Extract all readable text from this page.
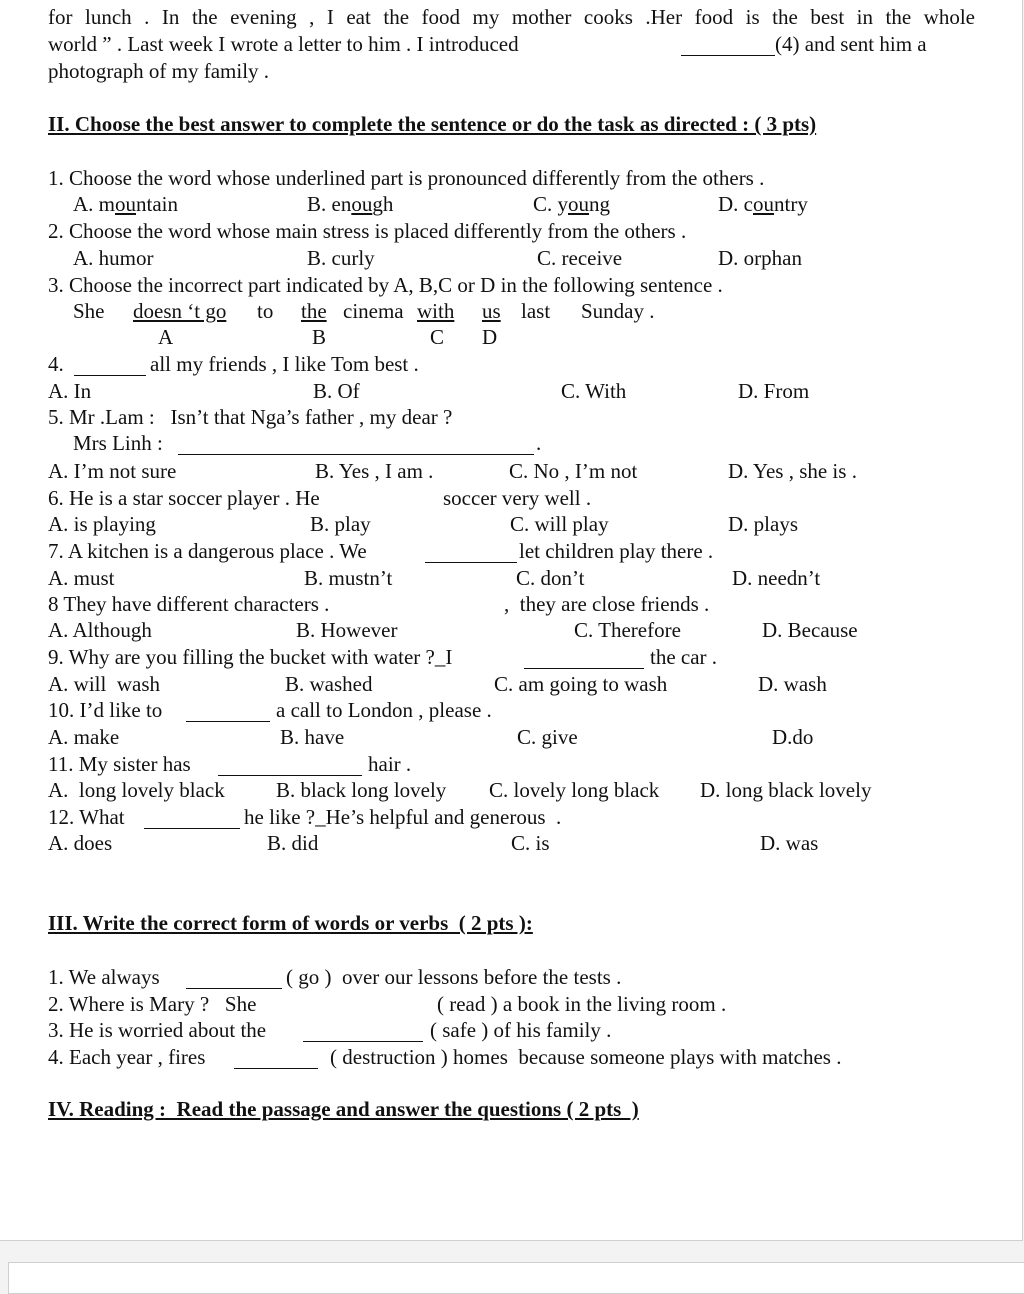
for lunch . In the evening , I eat the food my mother cooks .Her food is the best in the whole
world ” . Last week I wrote a letter to him . I introduced	(4) and sent him a
photograph of my family .
II. Choose the best answer to complete the sentence or do the task as directed : ( 3 pts)
1. Choose the word whose underlined part is pronounced differently from the others .
A. mountain	B. enough	C. young	D. country
2. Choose the word whose main stress is placed differently from the others .
A. humor	B. curly	C. receive	D. orphan
3. Choose the incorrect part indicated by A, B,C or D in the following sentence .
She doesn ‘t go to the cinema with us last Sunday .
A	B	C D
4.	all my friends , I like Tom best .
A. In	B. Of	C. With	D. From
5. Mr .Lam :   Isn’t that Nga’s father , my dear ?
Mrs Linh :	.
A. I’m not sure	B. Yes , I am .	C. No , I’m not	D. Yes , she is .
6. He is a star soccer player . He	soccer very well .
A. is playing	B. play	C. will play	D. plays
7. A kitchen is a dangerous place . We	let children play there .
A. must	B. mustn’t	C. don’t	D. needn’t
8 They have different characters .	,  they are close friends .
A. Although	B. However	C. Therefore	D. Because
9. Why are you filling the bucket with water ?_I	the car .
A. will  wash	B. washed	C. am going to wash	D. wash
10. I’d like to	a call to London , please .
A. make	B. have	C. give	D.do
11. My sister has	hair .
A.  long lovely black B. black long lovely C. lovely long black D. long black lovely
12. What	he like ?_He’s helpful and generous  .
A. does	B. did	C. is	D. was
III. Write the correct form of words or verbs  ( 2 pts ):
1. We always	( go )  over our lessons before the tests .
2. Where is Mary ?   She	( read ) a book in the living room .
3. He is worried about the	( safe ) of his family .
4. Each year , fires	( destruction ) homes  because someone plays with matches .
IV. Reading :  Read the passage and answer the questions ( 2 pts  )
